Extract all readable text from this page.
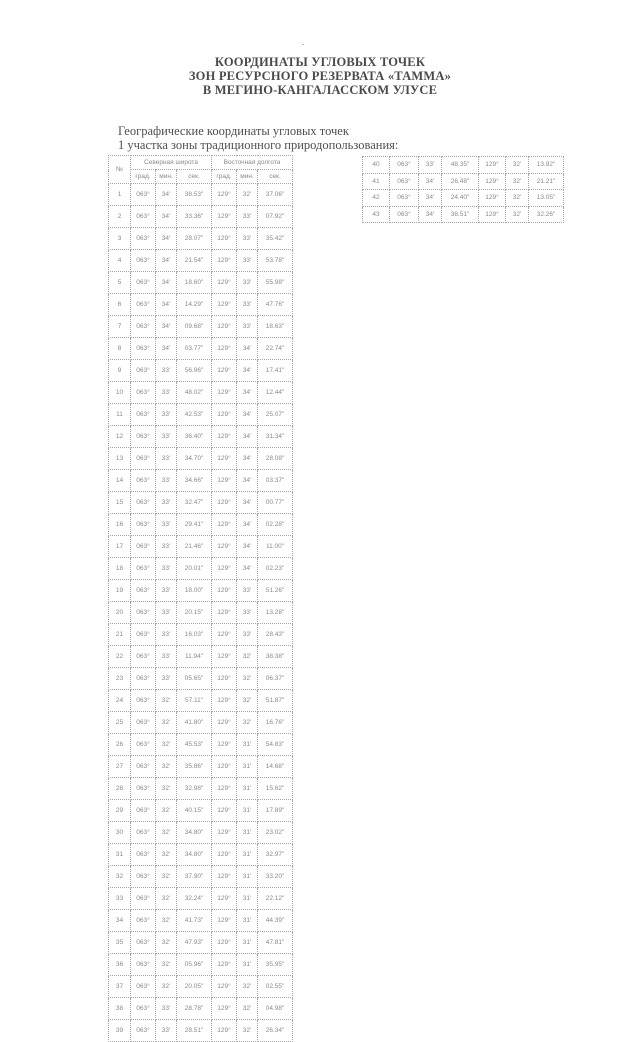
КООРДИНАТЫ УГЛОВЫХ ТОЧЕК
ЗОН РЕСУРСНОГО РЕЗЕРВАТА «ТАММА»
В МЕГИНО-КАНГАЛАССКОМ УЛУСЕ
Географические координаты угловых точек
1 участка зоны традиционного природопользования:
№	Северная широта			Восточная долгота		
	град.	мин.	сек.	град.	мин.	сек.
1	063°	34'	38.53"	129°	32'	37.06"
2	063°	34'	33.36"	129°	33'	07.92"
3	063°	34'	28.07"	129°	33'	35.42"
4	063°	34'	21.54"	129°	33'	53.78"
5	063°	34'	18.60"	129°	33'	55.98"
6	063°	34'	14.29"	129°	33'	47.76"
7	063°	34'	09.68"	129°	33'	18.63"
8	063°	34'	03.77"	129°	34'	22.74"
9	063°	33'	56.96"	129°	34'	17.41"
10	063°	33'	48.02"	129°	34'	12.44"
11	063°	33'	42.53"	129°	34'	25.07"
12	063°	33'	36.40"	129°	34'	31.34"
13	063°	33'	34.70"	129°	34'	28.08"
14	063°	33'	34.66"	129°	34'	03.37"
15	063°	33'	32.47"	129°	34'	00.77"
16	063°	33'	29.41"	129°	34'	02.28"
17	063°	33'	21.46"	129°	34'	11.00"
18	063°	33'	20.01"	129°	34'	02.23"
19	063°	33'	18.00"	129°	33'	51.26"
20	063°	33'	20.15"	129°	33'	13.28"
21	063°	33'	16.03"	129°	33'	28.43"
22	063°	33'	11.94"	129°	32'	38.38"
23	063°	33'	05.65"	129°	32'	06.37"
24	063°	32'	57.11"	129°	32'	51.87"
25	063°	32'	41.80"	129°	32'	16.76"
26	063°	32'	45.53"	129°	31'	54.83"
27	063°	32'	35.86"	129°	31'	14.68"
28	063°	32'	32.98"	129°	31'	15.62"
29	063°	32'	40.15"	129°	31'	17.89"
30	063°	32'	34.80"	129°	31'	23.02"
31	063°	32'	34.80"	129°	31'	32.97"
32	063°	32'	37.90"	129°	31'	33.20"
33	063°	32'	32.24"	129°	31'	22.12"
34	063°	32'	41.73"	129°	31'	44.39"
35	063°	32'	47.93"	129°	31'	47.81"
36	063°	32'	05.96"	129°	31'	35.95"
37	063°	32'	20.05"	129°	32'	02.55"
38	063°	33'	28.78"	129°	32'	04.98"
39	063°	33'	28.51"	129°	32'	26.34"
40	063°	33'	48.35"	129°	32'	13.92"
41	063°	34'	26.48"	129°	32'	21.21"
42	063°	34'	24.40"	129°	32'	13.05"
43	063°	34'	38.51"	129°	32'	32.26"
